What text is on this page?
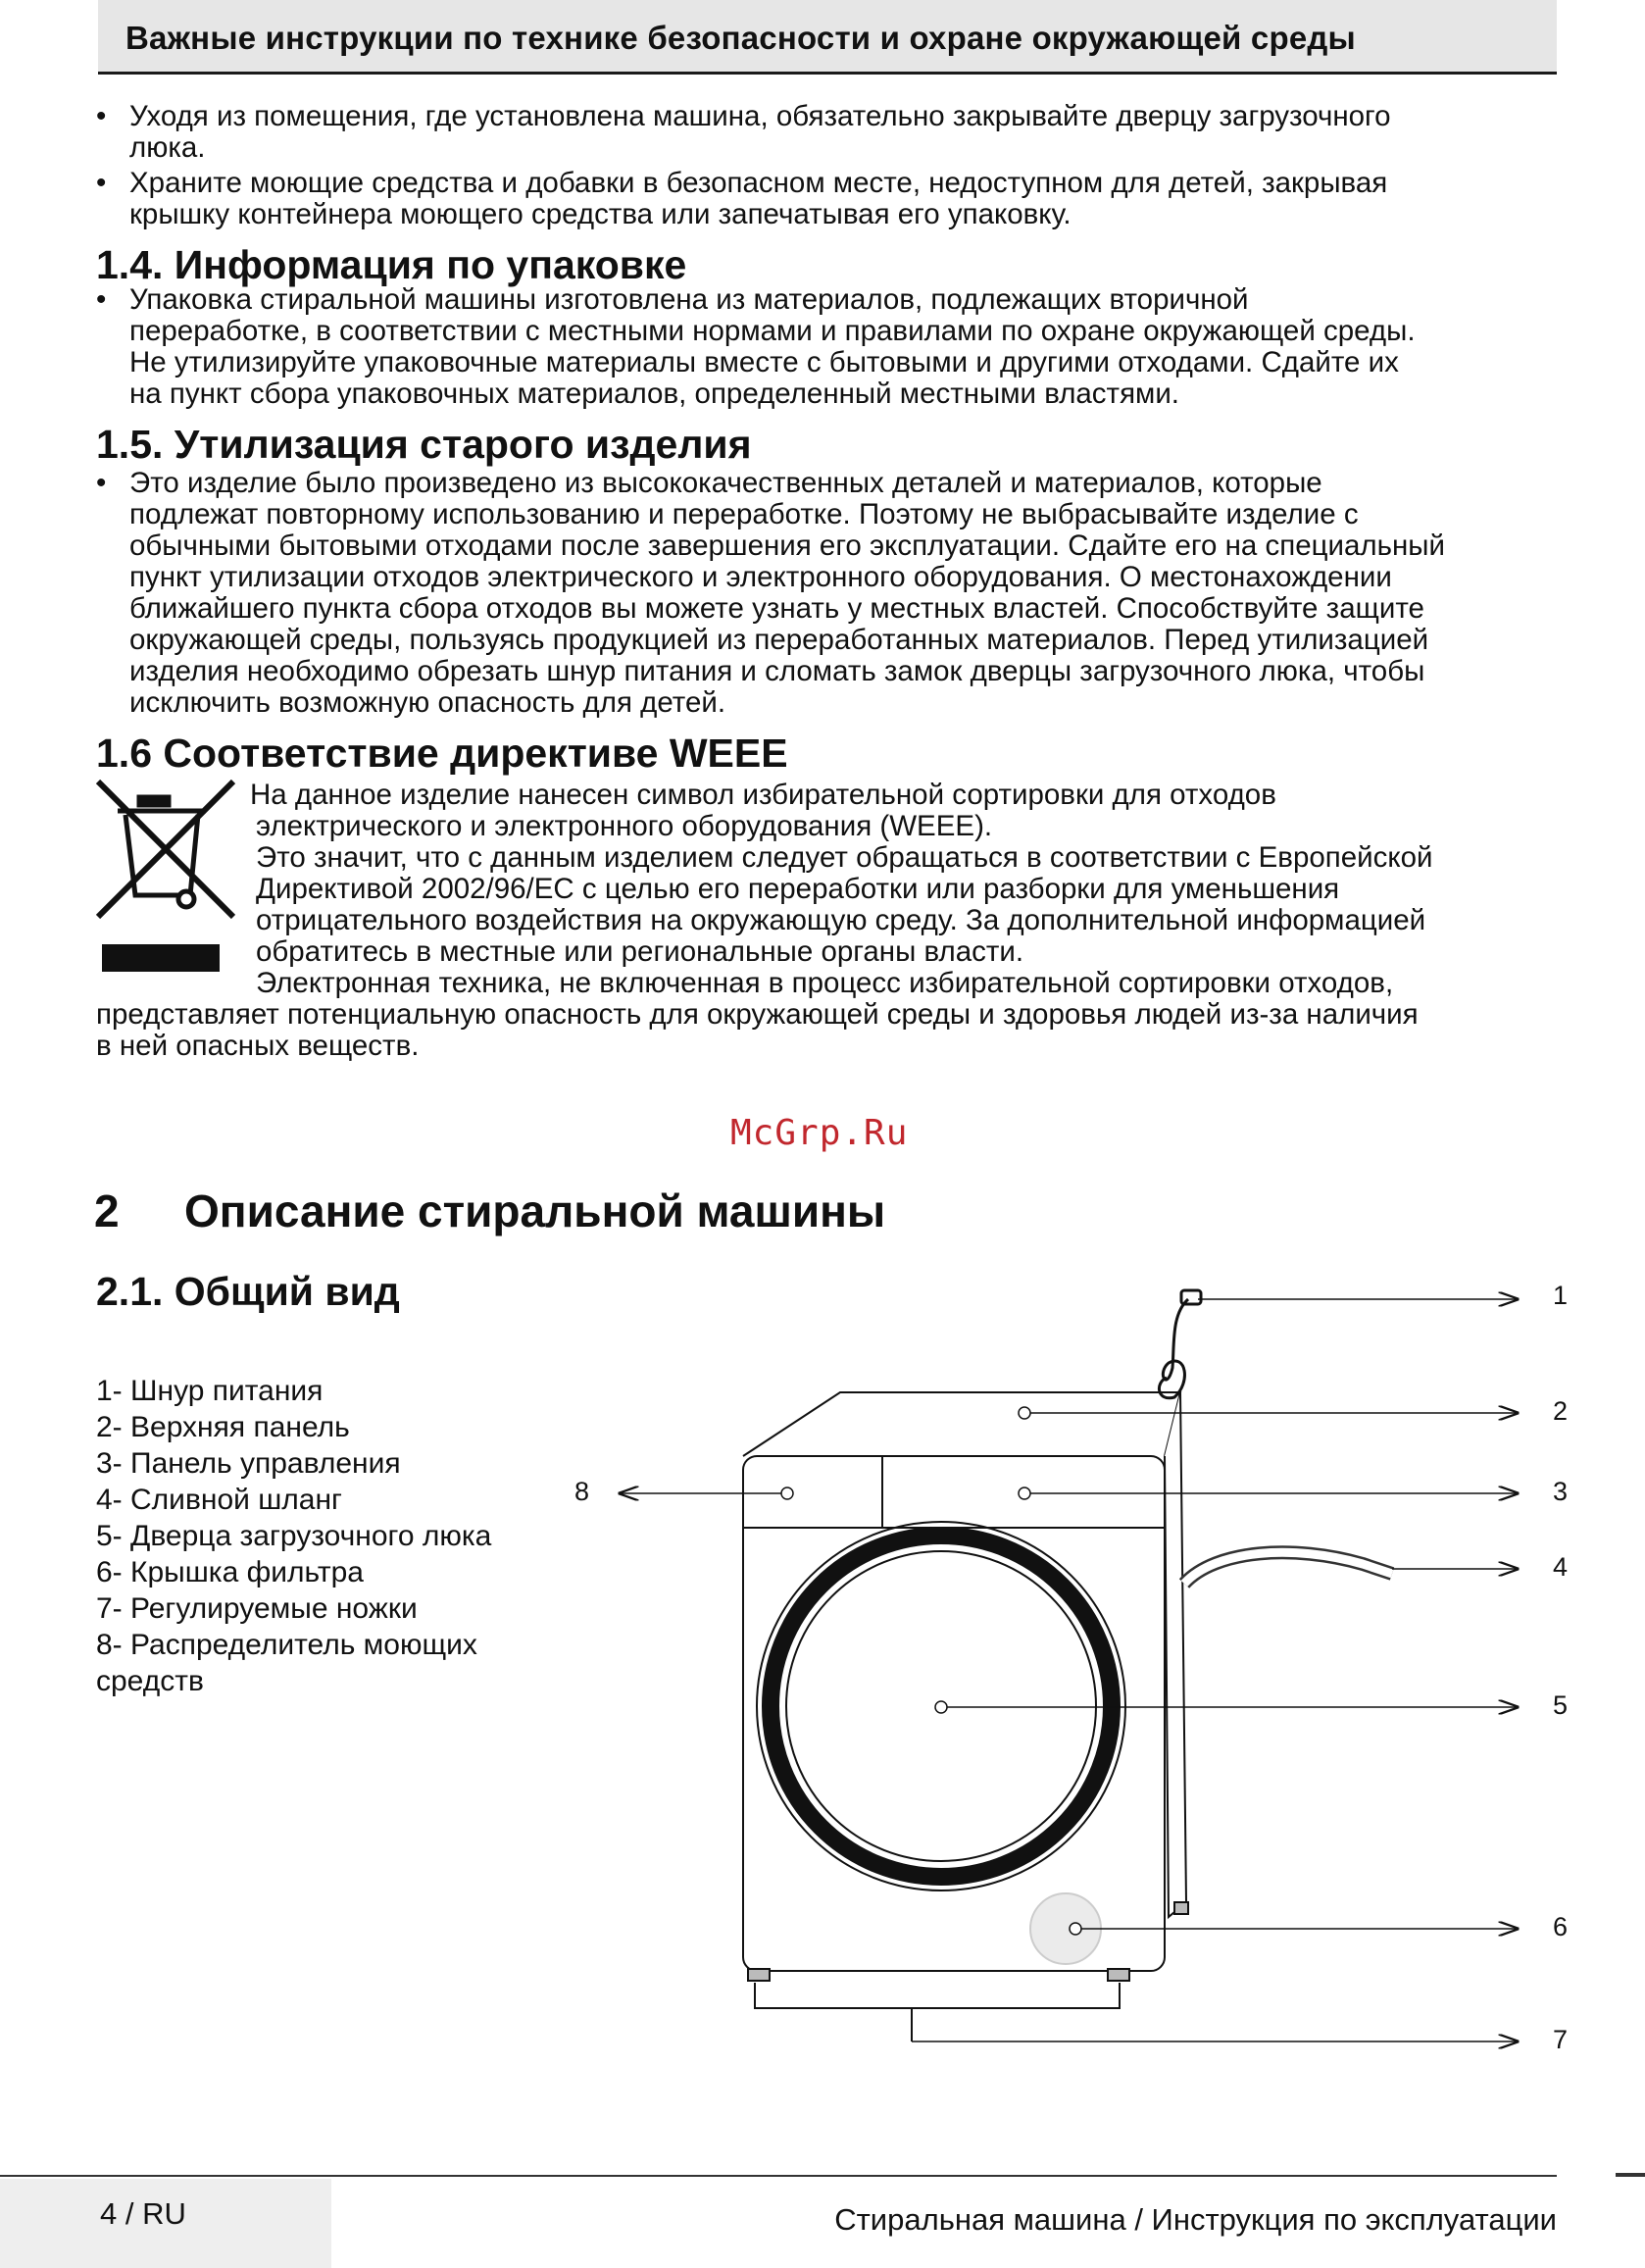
Важные инструкции по технике безопасности и охране окружающей среды
• Уходя из помещения, где установлена машина, обязательно закрывайте дверцу загрузочного
люка.
• Храните моющие средства и добавки в безопасном месте, недоступном для детей, закрывая
крышку контейнера моющего средства или запечатывая его упаковку.
1.4. Информация по упаковке
• Упаковка стиральной машины изготовлена из материалов, подлежащих вторичной
переработке, в соответствии с местными нормами и правилами по охране окружающей среды.
Не утилизируйте упаковочные материалы вместе с бытовыми и другими отходами. Сдайте их
на пункт сбора упаковочных материалов, определенный местными властями.
1.5. Утилизация старого изделия
• Это изделие было произведено из высококачественных деталей и материалов, которые
подлежат повторному использованию и переработке. Поэтому не выбрасывайте изделие с
обычными бытовыми отходами после завершения его эксплуатации. Сдайте его на специальный
пункт утилизации отходов электрического и электронного оборудования. О местонахождении
ближайшего пункта сбора отходов вы можете узнать у местных властей. Способствуйте защите
окружающей среды, пользуясь продукцией из переработанных материалов. Перед утилизацией
изделия необходимо обрезать шнур питания и сломать замок дверцы загрузочного люка, чтобы
исключить возможную опасность для детей.
1.6 Соответствие директиве WEEE
На данное изделие нанесен символ избирательной сортировки для отходов
электрического и электронного оборудования (WEEE).
Это значит, что с данным изделием следует обращаться в соответствии с Европейской
Директивой 2002/96/EC с целью его переработки или разборки для уменьшения
отрицательного воздействия на окружающую среду. За дополнительной информацией
обратитесь в местные или региональные органы власти.
Электронная техника, не включенная в процесс избирательной сортировки отходов,
представляет потенциальную опасность для окружающей среды и здоровья людей из-за наличия
в ней опасных веществ.
McGrp.Ru
2 Описание стиральной машины
2.1. Общий вид
1- Шнур питания
2- Верхняя панель
3- Панель управления
4- Сливной шланг
5- Дверца загрузочного люка
6- Крышка фильтра
7- Регулируемые ножки
8- Распределитель моющих
средств
1
2
3
4
5
6
7
8
4 / RU	Стиральная машина / Инструкция по эксплуатации
